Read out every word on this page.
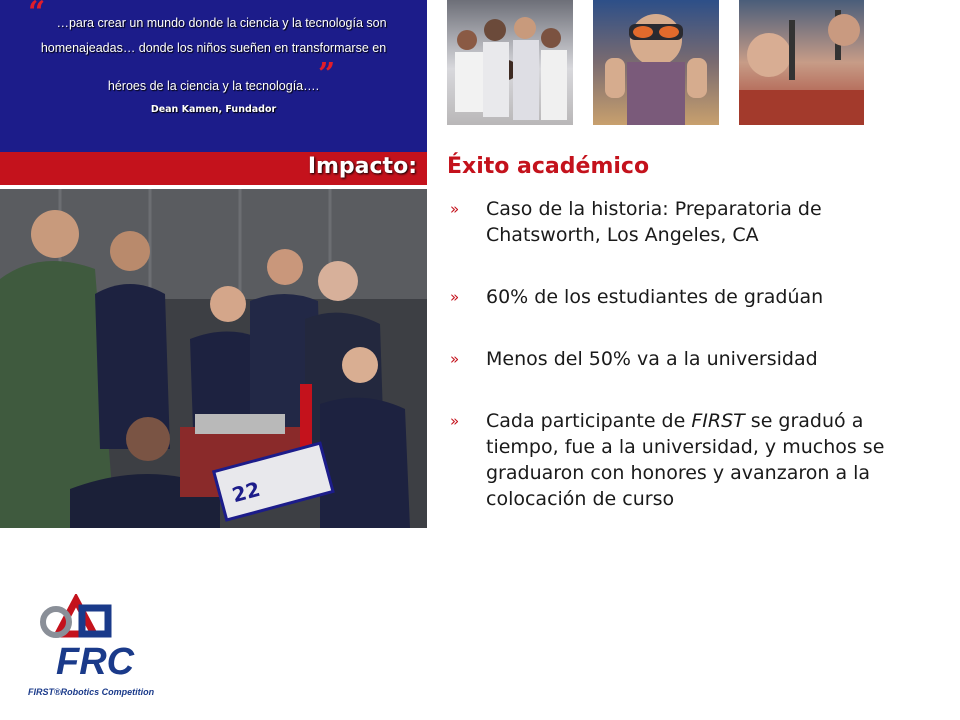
“ …para crear un mundo donde la ciencia y la tecnología son
homenajeadas… donde los niños sueñen en transformarse en
héroes de la ciencia y la tecnología….
”
Dean Kamen, Fundador
Impacto:
22
Éxito académico
» Caso de la historia: Preparatoria de Chatsworth, Los Angeles, CA
» 60% de los estudiantes de gradúan
» Menos del 50% va a la universidad
» Cada participante de FIRST se graduó a tiempo, fue a la universidad, y muchos se graduaron con honores y avanzaron a la colocación de curso
FRC
FIRST®Robotics Competition
